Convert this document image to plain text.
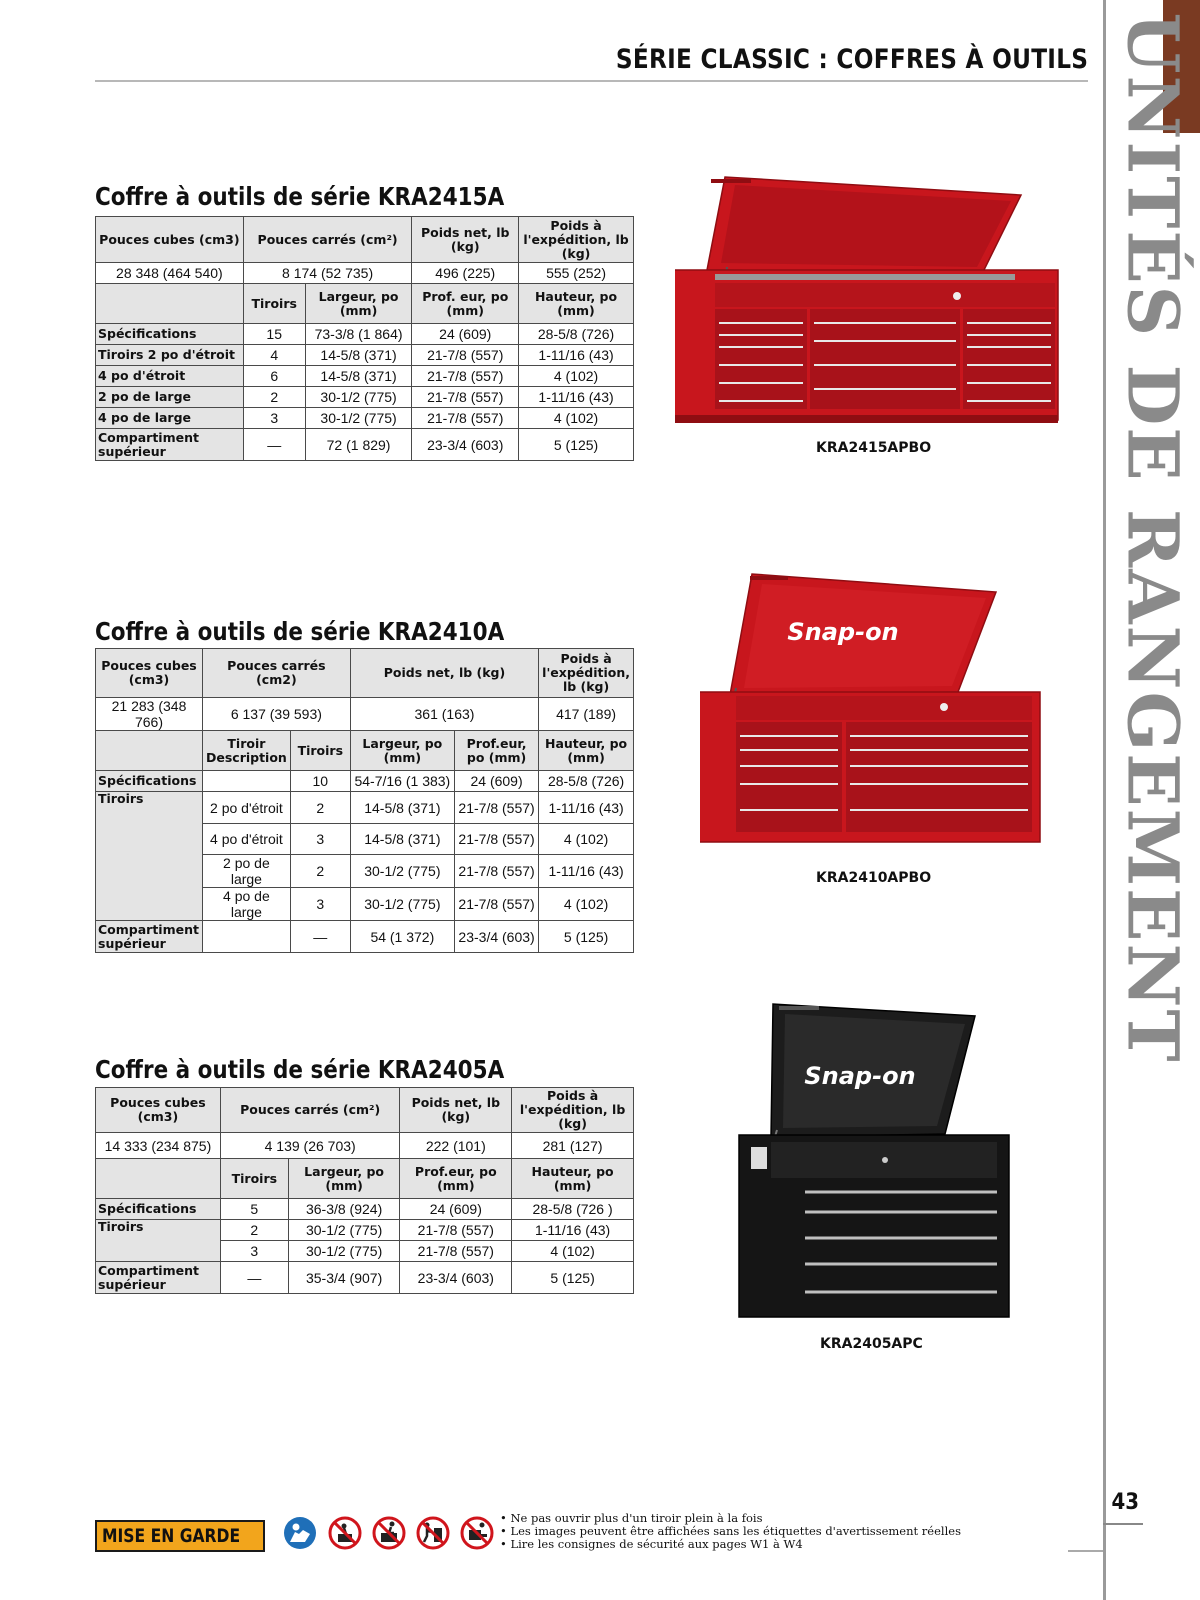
SÉRIE CLASSIC : COFFRES À OUTILS UNITÉS DE RANGEMENT
43
Coffre à outils de série KRA2415A
Pouces cubes (cm3)	Pouces carrés (cm²)		Poids net, lb (kg)	Poids à l'expédition, lb (kg)
28 348 (464 540)	8 174 (52 735)		496 (225)	555 (252)
	Tiroirs	Largeur, po (mm)	Prof. eur, po (mm)	Hauteur, po (mm)
Spécifications	15	73-3/8 (1 864)	24 (609)	28-5/8 (726)
Tiroirs 2 po d'étroit	4	14-5/8 (371)	21-7/8 (557)	1-11/16 (43)
4 po d'étroit	6	14-5/8 (371)	21-7/8 (557)	4 (102)
2 po de large	2	30-1/2 (775)	21-7/8 (557)	1-11/16 (43)
4 po de large	3	30-1/2 (775)	21-7/8 (557)	4 (102)
Compartiment supérieur	—	72 (1 829)	23-3/4 (603)	5 (125)	KRA2415APBO
Coffre à outils de série KRA2410A
Pouces cubes (cm3)	Pouces carrés (cm2)		Poids net, lb (kg)		Poids à l'expédition, lb (kg)
21 283 (348 766)	6 137 (39 593)		361 (163)		417 (189)
	Tiroir Description	Tiroirs	Largeur, po (mm)	Prof.eur, po (mm)	Hauteur, po (mm)
Spécifications		10	54-7/16 (1 383)	24 (609)	28-5/8 (726)
Tiroirs	2 po d'étroit	2	14-5/8 (371)	21-7/8 (557)	1-11/16 (43)
	4 po d'étroit	3	14-5/8 (371)	21-7/8 (557)	4 (102)
	2 po de large	2	30-1/2 (775)	21-7/8 (557)	1-11/16 (43)
	4 po de large	3	30-1/2 (775)	21-7/8 (557)	4 (102)
Compartiment supérieur		—	54 (1 372)	23-3/4 (603)	5 (125)
Snap-on
KRA2410APBO
Coffre à outils de série KRA2405A
Pouces cubes (cm3)	Pouces carrés (cm²)		Poids net, lb (kg)	Poids à l'expédition, lb (kg)
14 333 (234 875)	4 139 (26 703)		222 (101)	281 (127)
	Tiroirs	Largeur, po (mm)	Prof.eur, po (mm)	Hauteur, po (mm)
Spécifications	5	36-3/8 (924)	24 (609)	28-5/8 (726 )
Tiroirs	2	30-1/2 (775)	21-7/8 (557)	1-11/16 (43)
	3	30-1/2 (775)	21-7/8 (557)	4 (102)
Compartiment supérieur	—	35-3/4 (907)	23-3/4 (603)	5 (125)
Snap-on
KRA2405APC
MISE EN GARDE
• Ne pas ouvrir plus d'un tiroir plein à la fois
• Les images peuvent être affichées sans les étiquettes d'avertissement réelles
• Lire les consignes de sécurité aux pages W1 à W4
